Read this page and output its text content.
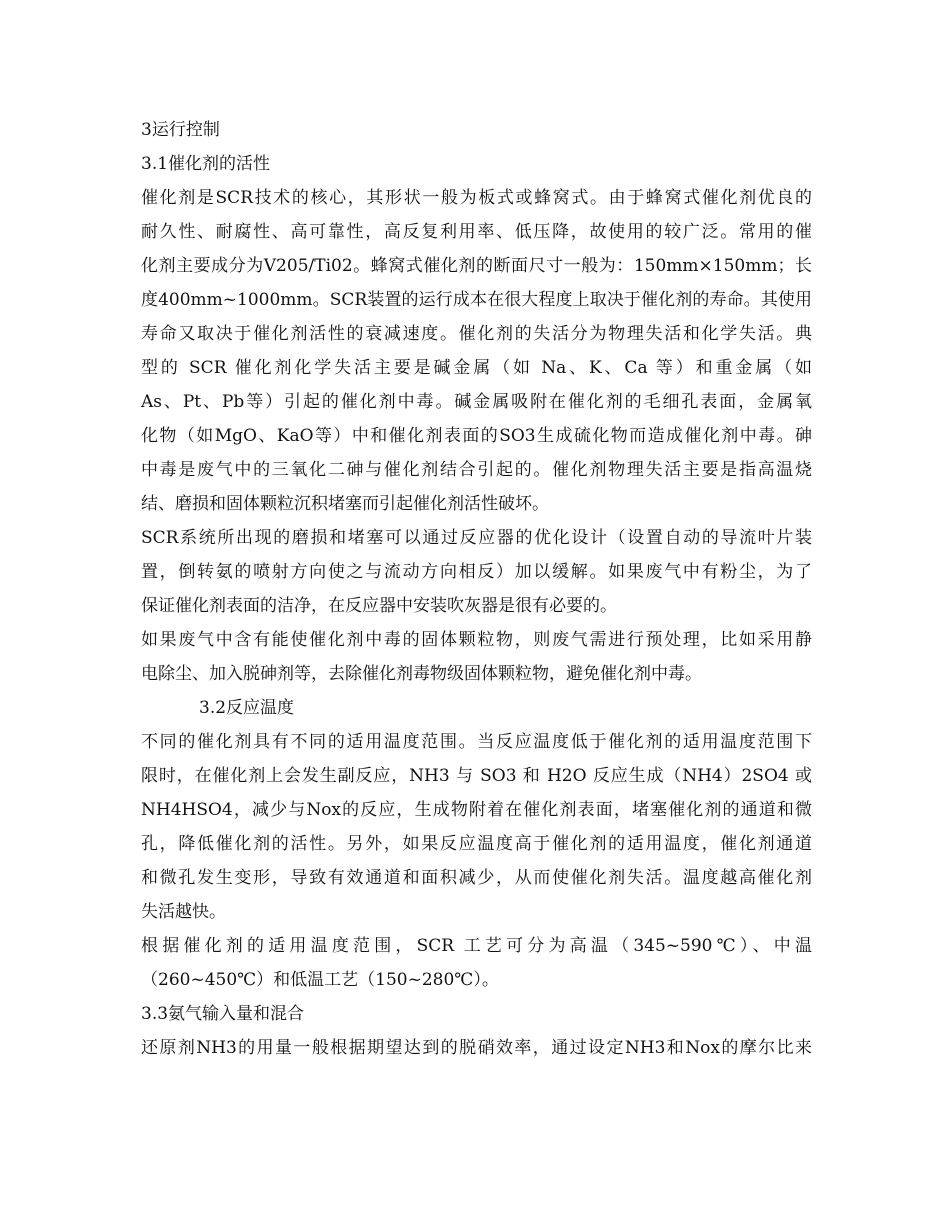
3运行控制
3.1催化剂的活性
催化剂是SCR技术的核心，其形状一般为板式或蜂窝式。由于蜂窝式催化剂优良的
耐久性、耐腐性、高可靠性，高反复利用率、低压降，故使用的较广泛。常用的催
化剂主要成分为V205/Ti02。蜂窝式催化剂的断面尺寸一般为：150mm×150mm；长
度400mm~1000mm。SCR装置的运行成本在很大程度上取决于催化剂的寿命。其使用
寿命又取决于催化剂活性的衰减速度。催化剂的失活分为物理失活和化学失活。典
型的 SCR 催化剂化学失活主要是碱金属（如 Na、K、Ca 等）和重金属（如
As、Pt、Pb等）引起的催化剂中毒。碱金属吸附在催化剂的毛细孔表面，金属氧
化物（如MgO、KaO等）中和催化剂表面的SO3生成硫化物而造成催化剂中毒。砷
中毒是废气中的三氧化二砷与催化剂结合引起的。催化剂物理失活主要是指高温烧
结、磨损和固体颗粒沉积堵塞而引起催化剂活性破坏。
SCR系统所出现的磨损和堵塞可以通过反应器的优化设计（设置自动的导流叶片装
置，倒转氨的喷射方向使之与流动方向相反）加以缓解。如果废气中有粉尘，为了
保证催化剂表面的洁净，在反应器中安装吹灰器是很有必要的。
如果废气中含有能使催化剂中毒的固体颗粒物，则废气需进行预处理，比如采用静
电除尘、加入脱砷剂等，去除催化剂毒物级固体颗粒物，避免催化剂中毒。
3.2反应温度
不同的催化剂具有不同的适用温度范围。当反应温度低于催化剂的适用温度范围下
限时，在催化剂上会发生副反应，NH3 与 SO3 和 H2O 反应生成（NH4）2SO4 或
NH4HSO4，减少与Nox的反应，生成物附着在催化剂表面，堵塞催化剂的通道和微
孔，降低催化剂的活性。另外，如果反应温度高于催化剂的适用温度，催化剂通道
和微孔发生变形，导致有效通道和面积减少，从而使催化剂失活。温度越高催化剂
失活越快。
根据催化剂的适用温度范围，SCR 工艺可分为高温（345~590℃）、中温
（260~450℃）和低温工艺（150~280℃）。
3.3氨气输入量和混合
还原剂NH3的用量一般根据期望达到的脱硝效率，通过设定NH3和Nox的摩尔比来
